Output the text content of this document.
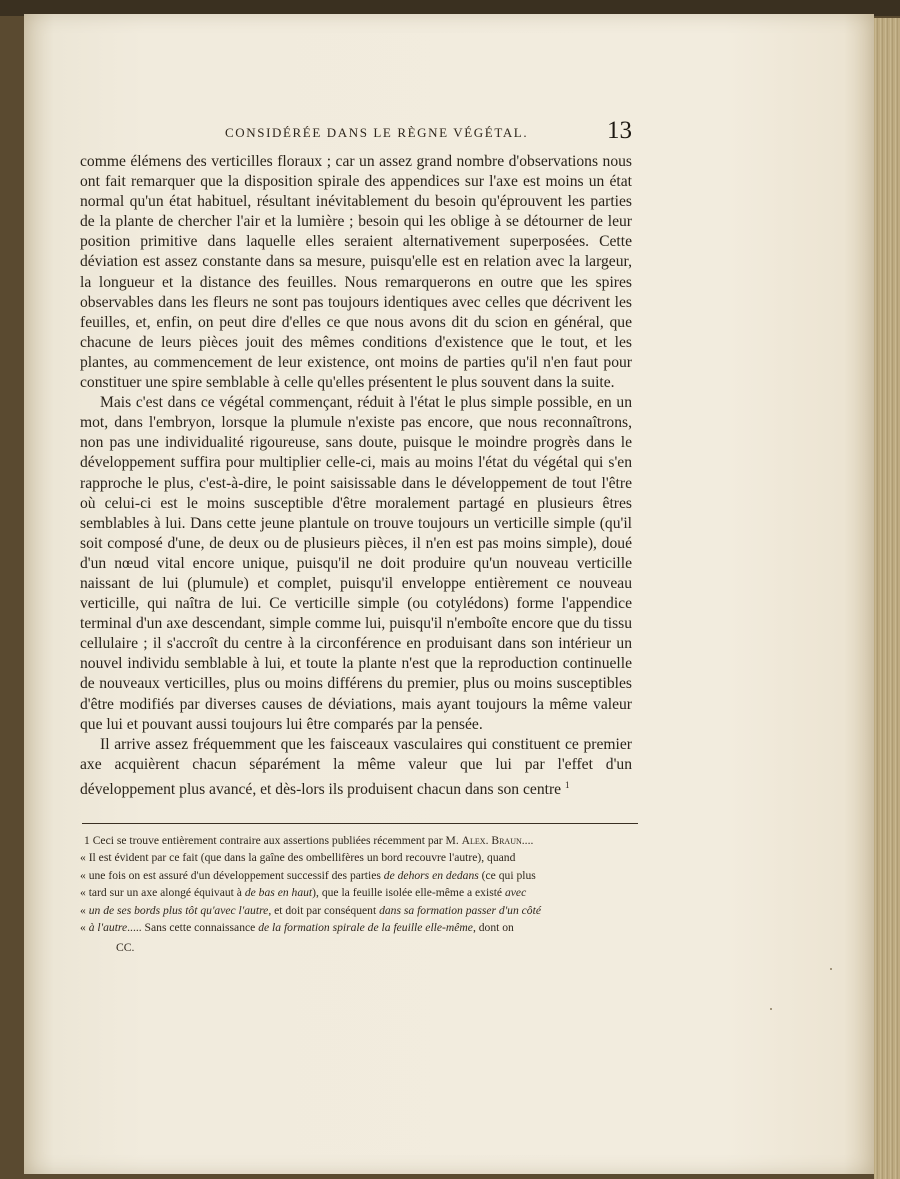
CONSIDÉRÉE DANS LE RÈGNE VÉGÉTAL.	13

comme élémens des verticilles floraux ; car un assez grand nombre d'observations nous ont fait remarquer que la disposition spirale des appendices sur l'axe est moins un état normal qu'un état habituel, résultant inévitablement du besoin qu'éprouvent les parties de la plante de chercher l'air et la lumière ; besoin qui les oblige à se détourner de leur position primitive dans laquelle elles seraient alternativement superposées. Cette déviation est assez constante dans sa mesure, puisqu'elle est en relation avec la largeur, la longueur et la distance des feuilles. Nous remarquerons en outre que les spires observables dans les fleurs ne sont pas toujours identiques avec celles que décrivent les feuilles, et, enfin, on peut dire d'elles ce que nous avons dit du scion en général, que chacune de leurs pièces jouit des mêmes conditions d'existence que le tout, et les plantes, au commencement de leur existence, ont moins de parties qu'il n'en faut pour constituer une spire semblable à celle qu'elles présentent le plus souvent dans la suite.

Mais c'est dans ce végétal commençant, réduit à l'état le plus simple possible, en un mot, dans l'embryon, lorsque la plumule n'existe pas encore, que nous reconnaîtrons, non pas une individualité rigoureuse, sans doute, puisque le moindre progrès dans le développement suffira pour multiplier celle-ci, mais au moins l'état du végétal qui s'en rapproche le plus, c'est-à-dire, le point saisissable dans le développement de tout l'être où celui-ci est le moins susceptible d'être moralement partagé en plusieurs êtres semblables à lui. Dans cette jeune plantule on trouve toujours un verticille simple (qu'il soit composé d'une, de deux ou de plusieurs pièces, il n'en est pas moins simple), doué d'un nœud vital encore unique, puisqu'il ne doit produire qu'un nouveau verticille naissant de lui (plumule) et complet, puisqu'il enveloppe entièrement ce nouveau verticille, qui naîtra de lui. Ce verticille simple (ou cotylédons) forme l'appendice terminal d'un axe descendant, simple comme lui, puisqu'il n'emboîte encore que du tissu cellulaire ; il s'accroît du centre à la circonférence en produisant dans son intérieur un nouvel individu semblable à lui, et toute la plante n'est que la reproduction continuelle de nouveaux verticilles, plus ou moins différens du premier, plus ou moins susceptibles d'être modifiés par diverses causes de déviations, mais ayant toujours la même valeur que lui et pouvant aussi toujours lui être comparés par la pensée.

Il arrive assez fréquemment que les faisceaux vasculaires qui constituent ce premier axe acquièrent chacun séparément la même valeur que lui par l'effet d'un développement plus avancé, et dès-lors ils produisent chacun dans son centre $^1$

1 Ceci se trouve entièrement contraire aux assertions publiées récemment par M. Alex. Braun....

« Il est évident par ce fait (que dans la gaîne des ombellifères un bord recouvre l'autre), quand

« une fois on est assuré d'un développement successif des parties de dehors en dedans (ce qui plus

« tard sur un axe alongé équivaut à de bas en haut), que la feuille isolée elle-même a existé avec

« un de ses bords plus tôt qu'avec l'autre, et doit par conséquent dans sa formation passer d'un côté

« à l'autre..... Sans cette connaissance de la formation spirale de la feuille elle-même, dont on

CC.
